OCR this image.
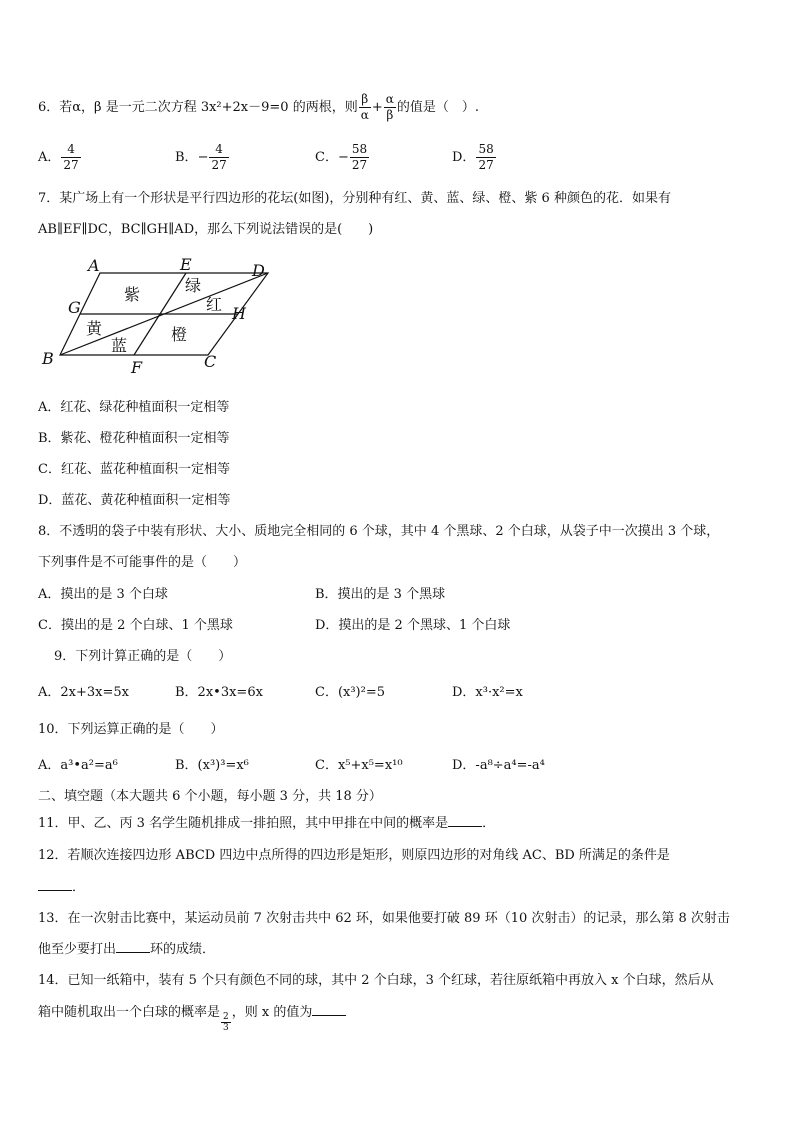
6．若α，β 是一元二次方程 3x²+2x－9=0 的两根，则 $\frac{\beta}{\alpha} + \frac{\alpha}{\beta}$ 的值是（　）.
A． $\frac{4}{27}$	B．− $\frac{4}{27}$	C．− $\frac{58}{27}$	D． $\frac{58}{27}$
7．某广场上有一个形状是平行四边形的花坛(如图)，分别种有红、黄、蓝、绿、橙、紫 6 种颜色的花．如果有
AB∥EF∥DC，BC∥GH∥AD，那么下列说法错误的是(　　)
A	E	D
G	H
B	F	C
紫	绿
红
黄	橙
蓝
A．红花、绿花种植面积一定相等
B．紫花、橙花种植面积一定相等
C．红花、蓝花种植面积一定相等
D．蓝花、黄花种植面积一定相等
8．不透明的袋子中装有形状、大小、质地完全相同的 6 个球，其中 4 个黑球、2 个白球，从袋子中一次摸出 3 个球，
下列事件是不可能事件的是（　　）
A．摸出的是 3 个白球	B．摸出的是 3 个黑球
C．摸出的是 2 个白球、1 个黑球	D．摸出的是 2 个黑球、1 个白球
9．下列计算正确的是（　　）
A．2x+3x=5x	B．2x•3x=6x	C．(x³)²=5	D．x³·x²=x
10．下列运算正确的是（　　）
A．a³•a²=a⁶	B．(x³)³=x⁶	C．x⁵+x⁵=x¹⁰	D．-a⁸÷a⁴=-a⁴
二、填空题（本大题共 6 个小题，每小题 3 分，共 18 分）
11．甲、乙、丙 3 名学生随机排成一排拍照，其中甲排在中间的概率是	．
12．若顺次连接四边形 ABCD 四边中点所得的四边形是矩形，则原四边形的对角线 AC、BD 所满足的条件是
．
13．在一次射击比赛中，某运动员前 7 次射击共中 62 环，如果他要打破 89 环（10 次射击）的记录，那么第 8 次射击
他至少要打出	环的成绩．
14．已知一纸箱中，装有 5 个只有颜色不同的球，其中 2 个白球，3 个红球，若往原纸箱中再放入 x 个白球，然后从
箱中随机取出一个白球的概率是 $\frac{2}{3}$ ，则 x 的值为
